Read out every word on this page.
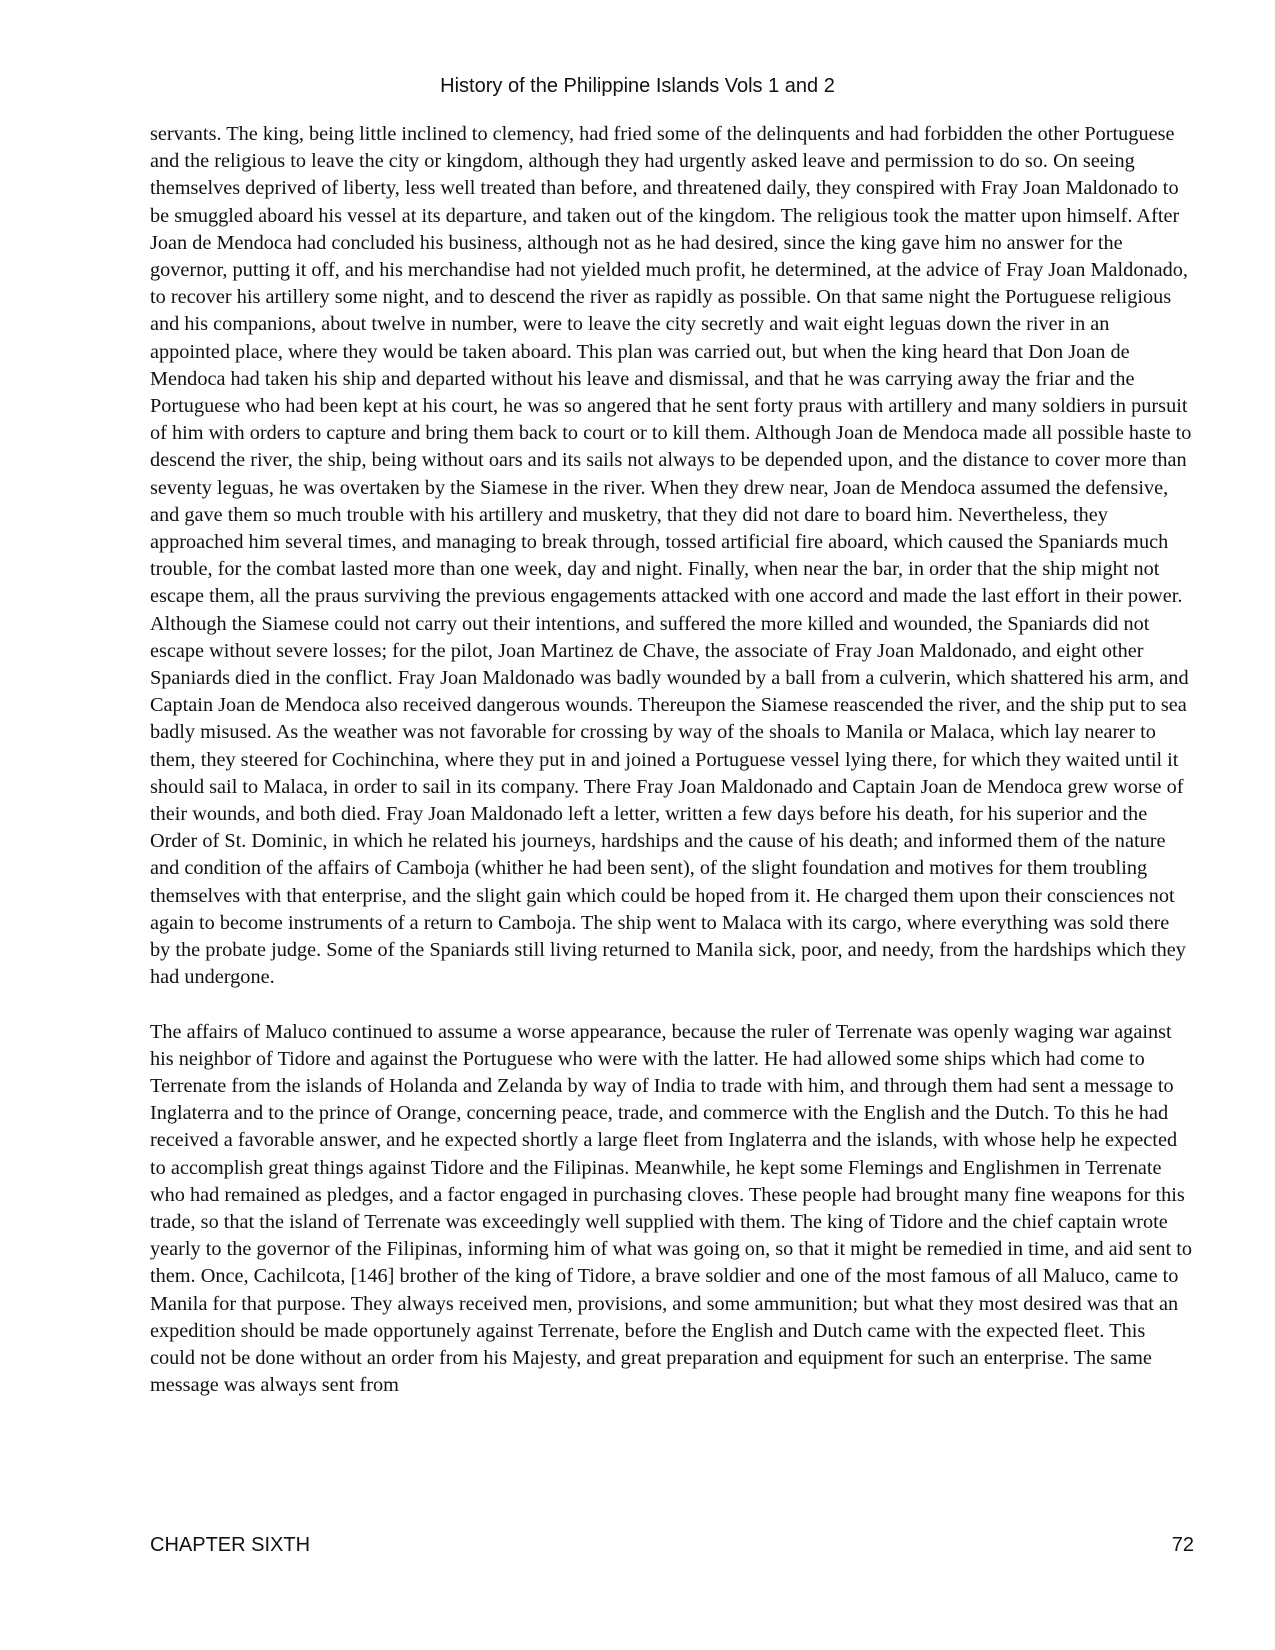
History of the Philippine Islands Vols 1 and 2

servants. The king, being little inclined to clemency, had fried some of the delinquents and had forbidden the other Portuguese and the religious to leave the city or kingdom, although they had urgently asked leave and permission to do so. On seeing themselves deprived of liberty, less well treated than before, and threatened daily, they conspired with Fray Joan Maldonado to be smuggled aboard his vessel at its departure, and taken out of the kingdom. The religious took the matter upon himself. After Joan de Mendoca had concluded his business, although not as he had desired, since the king gave him no answer for the governor, putting it off, and his merchandise had not yielded much profit, he determined, at the advice of Fray Joan Maldonado, to recover his artillery some night, and to descend the river as rapidly as possible. On that same night the Portuguese religious and his companions, about twelve in number, were to leave the city secretly and wait eight leguas down the river in an appointed place, where they would be taken aboard. This plan was carried out, but when the king heard that Don Joan de Mendoca had taken his ship and departed without his leave and dismissal, and that he was carrying away the friar and the Portuguese who had been kept at his court, he was so angered that he sent forty praus with artillery and many soldiers in pursuit of him with orders to capture and bring them back to court or to kill them. Although Joan de Mendoca made all possible haste to descend the river, the ship, being without oars and its sails not always to be depended upon, and the distance to cover more than seventy leguas, he was overtaken by the Siamese in the river. When they drew near, Joan de Mendoca assumed the defensive, and gave them so much trouble with his artillery and musketry, that they did not dare to board him. Nevertheless, they approached him several times, and managing to break through, tossed artificial fire aboard, which caused the Spaniards much trouble, for the combat lasted more than one week, day and night. Finally, when near the bar, in order that the ship might not escape them, all the praus surviving the previous engagements attacked with one accord and made the last effort in their power. Although the Siamese could not carry out their intentions, and suffered the more killed and wounded, the Spaniards did not escape without severe losses; for the pilot, Joan Martinez de Chave, the associate of Fray Joan Maldonado, and eight other Spaniards died in the conflict. Fray Joan Maldonado was badly wounded by a ball from a culverin, which shattered his arm, and Captain Joan de Mendoca also received dangerous wounds. Thereupon the Siamese reascended the river, and the ship put to sea badly misused. As the weather was not favorable for crossing by way of the shoals to Manila or Malaca, which lay nearer to them, they steered for Cochinchina, where they put in and joined a Portuguese vessel lying there, for which they waited until it should sail to Malaca, in order to sail in its company. There Fray Joan Maldonado and Captain Joan de Mendoca grew worse of their wounds, and both died. Fray Joan Maldonado left a letter, written a few days before his death, for his superior and the Order of St. Dominic, in which he related his journeys, hardships and the cause of his death; and informed them of the nature and condition of the affairs of Camboja (whither he had been sent), of the slight foundation and motives for them troubling themselves with that enterprise, and the slight gain which could be hoped from it. He charged them upon their consciences not again to become instruments of a return to Camboja. The ship went to Malaca with its cargo, where everything was sold there by the probate judge. Some of the Spaniards still living returned to Manila sick, poor, and needy, from the hardships which they had undergone.

The affairs of Maluco continued to assume a worse appearance, because the ruler of Terrenate was openly waging war against his neighbor of Tidore and against the Portuguese who were with the latter. He had allowed some ships which had come to Terrenate from the islands of Holanda and Zelanda by way of India to trade with him, and through them had sent a message to Inglaterra and to the prince of Orange, concerning peace, trade, and commerce with the English and the Dutch. To this he had received a favorable answer, and he expected shortly a large fleet from Inglaterra and the islands, with whose help he expected to accomplish great things against Tidore and the Filipinas. Meanwhile, he kept some Flemings and Englishmen in Terrenate who had remained as pledges, and a factor engaged in purchasing cloves. These people had brought many fine weapons for this trade, so that the island of Terrenate was exceedingly well supplied with them. The king of Tidore and the chief captain wrote yearly to the governor of the Filipinas, informing him of what was going on, so that it might be remedied in time, and aid sent to them. Once, Cachilcota, [146] brother of the king of Tidore, a brave soldier and one of the most famous of all Maluco, came to Manila for that purpose. They always received men, provisions, and some ammunition; but what they most desired was that an expedition should be made opportunely against Terrenate, before the English and Dutch came with the expected fleet. This could not be done without an order from his Majesty, and great preparation and equipment for such an enterprise. The same message was always sent from

CHAPTER SIXTH	72
